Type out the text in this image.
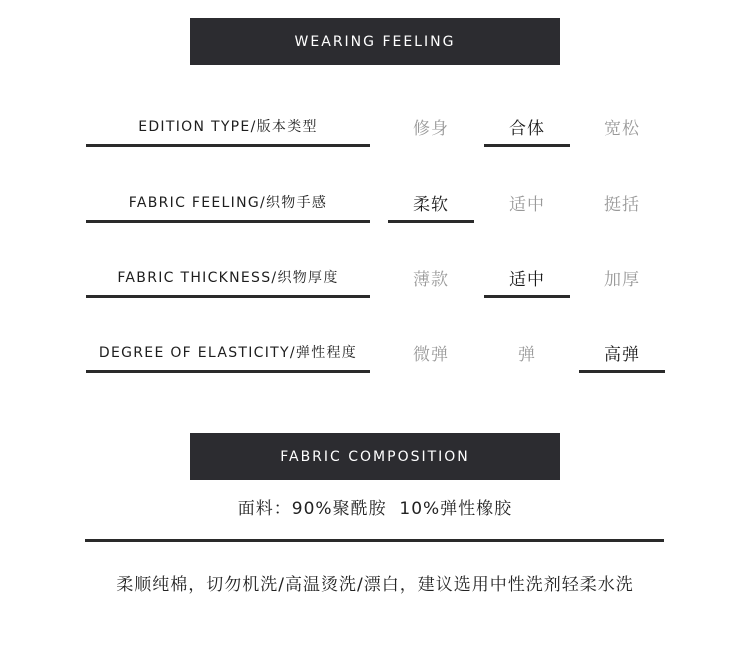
WEARING FEELING
EDITION TYPE/版本类型	修身	合体	宽松
FABRIC FEELING/织物手感	柔软	适中	挺括
FABRIC THICKNESS/织物厚度	薄款	适中	加厚
DEGREE OF ELASTICITY/弹性程度	微弹	弹	高弹
FABRIC COMPOSITION
面料：90%聚酰胺  10%弹性橡胶
柔顺纯棉，切勿机洗/高温烫洗/漂白，建议选用中性洗剂轻柔水洗
